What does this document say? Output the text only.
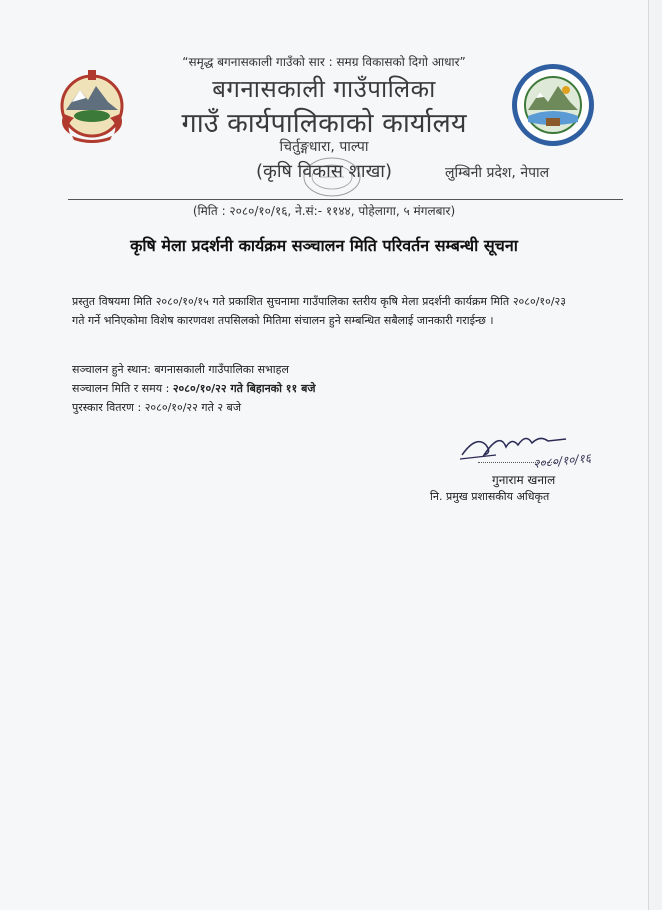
“समृद्ध बगनासकाली गाउँको सार : समग्र विकासको दिगो आधार”
बगनासकाली गाउँपालिका
गाउँ कार्यपालिकाको कार्यालय
चिर्तुङ्गधारा, पाल्पा
(कृषि विकास शाखा)	लुम्बिनी प्रदेश, नेपाल
(मिति : २०८०/१०/१६, ने.सं:- ११४४, पोहेलागा, ५ मंगलबार)
कृषि मेला प्रदर्शनी कार्यक्रम सञ्चालन मिति परिवर्तन सम्बन्धी सूचना
प्रस्तुत विषयमा मिति २०८०/१०/१५ गते प्रकाशित सुचनामा गाउँपालिका स्तरीय कृषि मेला प्रदर्शनी कार्यक्रम मिति २०८०/१०/२३ गते गर्ने भनिएकोमा विशेष कारणवश तपसिलको मितिमा संचालन हुने सम्बन्धित सबैलाई जानकारी गराईन्छ ।
सञ्चालन हुने स्थान: बगनासकाली गाउँपालिका सभाहल
सञ्चालन मिति र समय : २०८०/१०/२२ गते बिहानको ११ बजे
पुरस्कार वितरण : २०८०/१०/२२ गते २ बजे
२०८०/१०/१६
गुनाराम खनाल
नि. प्रमुख प्रशासकीय अधिकृत
